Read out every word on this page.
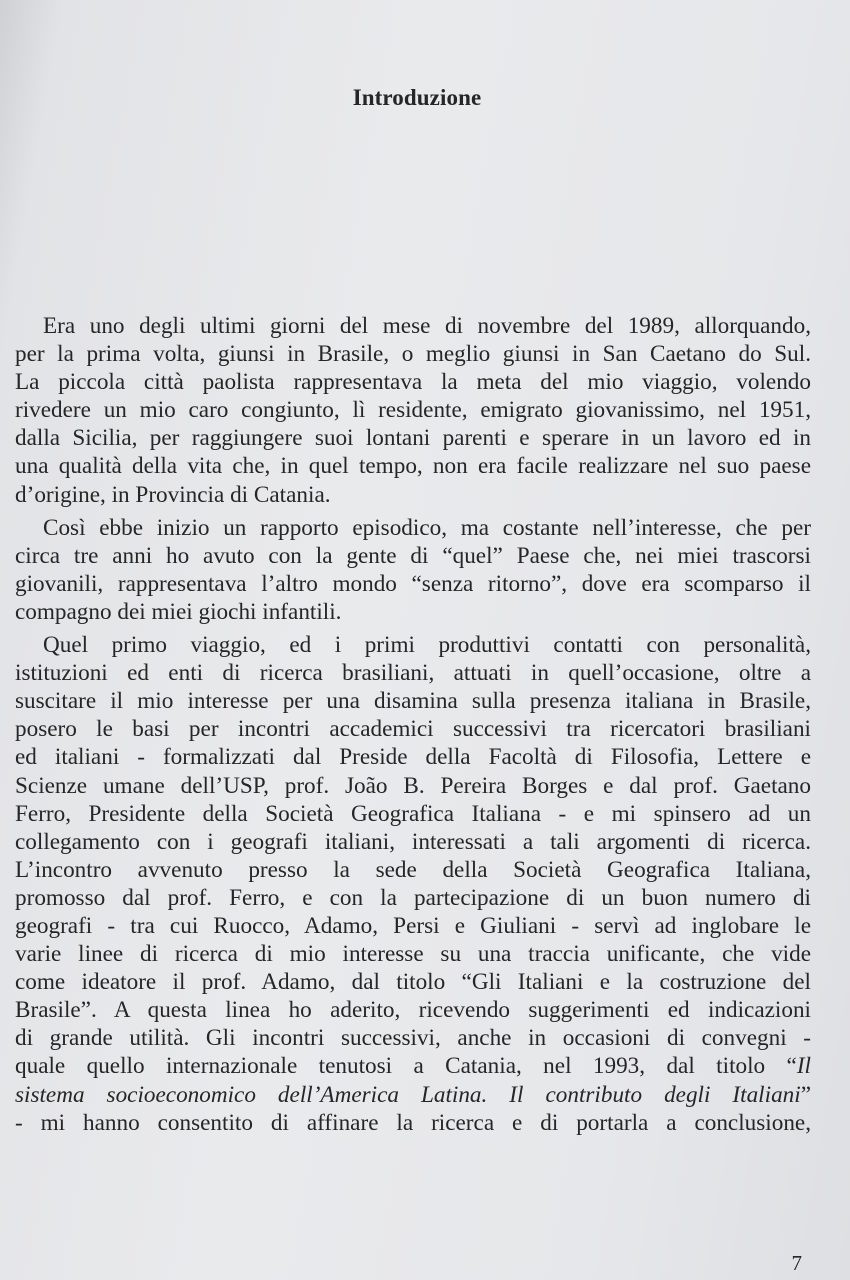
Introduzione

Era uno degli ultimi giorni del mese di novembre del 1989, allorquando,
per la prima volta, giunsi in Brasile, o meglio giunsi in San Caetano do Sul.
La piccola città paolista rappresentava la meta del mio viaggio, volendo
rivedere un mio caro congiunto, lì residente, emigrato giovanissimo, nel 1951,
dalla Sicilia, per raggiungere suoi lontani parenti e sperare in un lavoro ed in
una qualità della vita che, in quel tempo, non era facile realizzare nel suo paese
d’origine, in Provincia di Catania.

Così ebbe inizio un rapporto episodico, ma costante nell’interesse, che per
circa tre anni ho avuto con la gente di “quel” Paese che, nei miei trascorsi
giovanili, rappresentava l’altro mondo “senza ritorno”, dove era scomparso il
compagno dei miei giochi infantili.

Quel primo viaggio, ed i primi produttivi contatti con personalità,
istituzioni ed enti di ricerca brasiliani, attuati in quell’occasione, oltre a
suscitare il mio interesse per una disamina sulla presenza italiana in Brasile,
posero le basi per incontri accademici successivi tra ricercatori brasiliani
ed italiani - formalizzati dal Preside della Facoltà di Filosofia, Lettere e
Scienze umane dell’USP, prof. João B. Pereira Borges e dal prof. Gaetano
Ferro, Presidente della Società Geografica Italiana - e mi spinsero ad un
collegamento con i geografi italiani, interessati a tali argomenti di ricerca.
L’incontro avvenuto presso la sede della Società Geografica Italiana,
promosso dal prof. Ferro, e con la partecipazione di un buon numero di
geografi - tra cui Ruocco, Adamo, Persi e Giuliani - servì ad inglobare le
varie linee di ricerca di mio interesse su una traccia unificante, che vide
come ideatore il prof. Adamo, dal titolo “Gli Italiani e la costruzione del
Brasile”. A questa linea ho aderito, ricevendo suggerimenti ed indicazioni
di grande utilità. Gli incontri successivi, anche in occasioni di convegni -
quale quello internazionale tenutosi a Catania, nel 1993, dal titolo “Il
sistema socioeconomico dell’America Latina. Il contributo degli Italiani”
- mi hanno consentito di affinare la ricerca e di portarla a conclusione,

7
